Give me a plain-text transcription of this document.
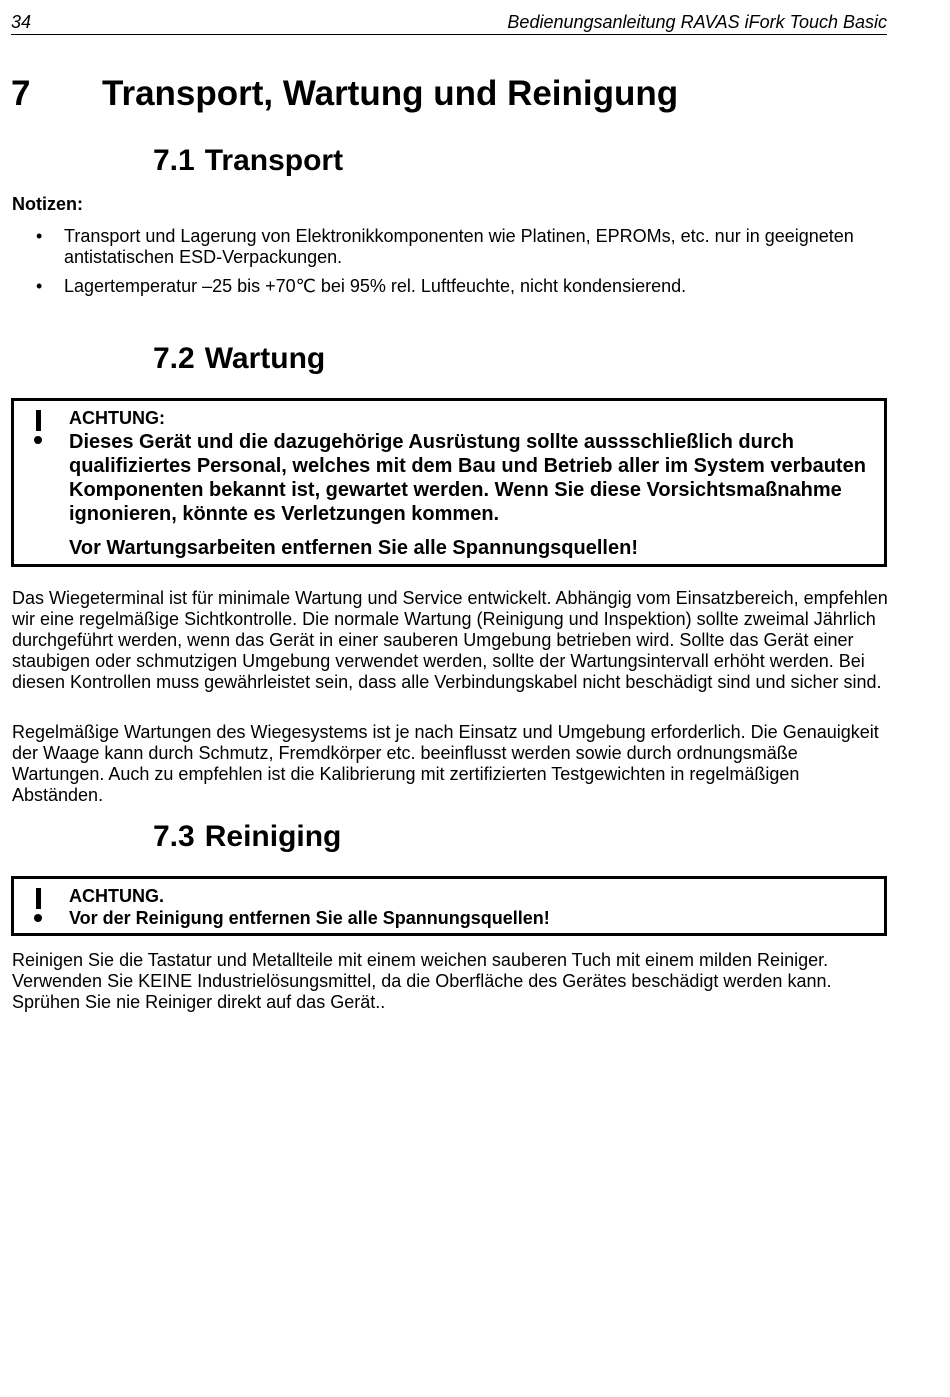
34	Bedienungsanleitung RAVAS iFork Touch Basic
7 Transport, Wartung und Reinigung
7.1 Transport
Notizen:
• Transport und Lagerung von Elektronikkomponenten wie Platinen, EPROMs, etc. nur in geeigneten antistatischen ESD-Verpackungen.
• Lagertemperatur –25 bis +70℃ bei 95% rel. Luftfeuchte, nicht kondensierend.
7.2 Wartung
ACHTUNG:
Dieses Gerät und die dazugehörige Ausrüstung sollte aussschließlich durch qualifiziertes Personal, welches mit dem Bau und Betrieb aller im System verbauten Komponenten bekannt ist, gewartet werden. Wenn Sie diese Vorsichtsmaßnahme ignonieren, könnte es Verletzungen kommen.
Vor Wartungsarbeiten entfernen Sie alle Spannungsquellen!
Das Wiegeterminal ist für minimale Wartung und Service entwickelt. Abhängig vom Einsatzbereich, empfehlen wir eine regelmäßige Sichtkontrolle. Die normale Wartung (Reinigung und Inspektion) sollte zweimal Jährlich durchgeführt werden, wenn das Gerät in einer sauberen Umgebung betrieben wird. Sollte das Gerät einer staubigen oder schmutzigen Umgebung verwendet werden, sollte der Wartungsintervall erhöht werden. Bei diesen Kontrollen muss gewährleistet sein, dass alle Verbindungskabel nicht beschädigt sind und sicher sind.
Regelmäßige Wartungen des Wiegesystems ist je nach Einsatz und Umgebung erforderlich. Die Genauigkeit der Waage kann durch Schmutz, Fremdkörper etc. beeinflusst werden sowie durch ordnungsmäße Wartungen. Auch zu empfehlen ist die Kalibrierung mit zertifizierten Testgewichten in regelmäßigen Abständen.
7.3 Reiniging
ACHTUNG.
Vor der Reinigung entfernen Sie alle Spannungsquellen!
Reinigen Sie die Tastatur und Metallteile mit einem weichen sauberen Tuch mit einem milden Reiniger. Verwenden Sie KEINE Industrielösungsmittel, da die Oberfläche des Gerätes beschädigt werden kann. Sprühen Sie nie Reiniger direkt auf das Gerät..
